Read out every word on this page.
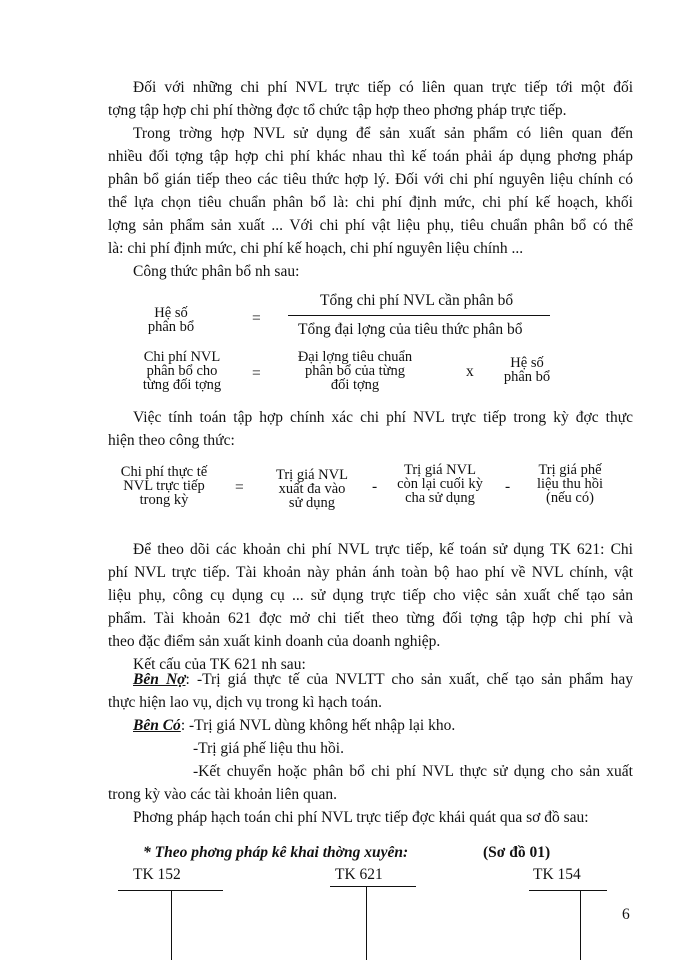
Đối với những chi phí NVL trực tiếp có liên quan trực tiếp tới một đối
tợng tập hợp chi phí thờng đợc tổ chức tập hợp theo phơng pháp trực tiếp.
Trong trờng hợp NVL sử dụng để sản xuất sản phẩm có liên quan đến
nhiều đối tợng tập hợp chi phí khác nhau thì kế toán phải áp dụng phơng pháp
phân bổ gián tiếp theo các tiêu thức hợp lý. Đối với chi phí nguyên liệu chính có
thể lựa chọn tiêu chuẩn phân bổ là: chi phí định mức, chi phí kế hoạch, khối
lợng sản phẩm sản xuất ... Với chi phí vật liệu phụ, tiêu chuẩn phân bổ có thể
là: chi phí định mức, chi phí kế hoạch, chi phí nguyên liệu chính ...
Công thức phân bổ nh sau:
Hệ số
phân bổ	=
Tổng chi phí NVL cần phân bổ
Tổng đại lợng của tiêu thức phân bổ
Chi phí NVL
phân bổ cho
từng đối tợng
=
Đại lợng tiêu chuẩn
phân bổ của từng
đối tợng
x	Hệ số
phân bổ
Việc tính toán tập hợp chính xác chi phí NVL trực tiếp trong kỳ đợc thực
hiện theo công thức:
Chi phí thực tế
NVL trực tiếp
trong kỳ
=
Trị giá NVL
xuất đa vào
sử dụng
-
Trị giá NVL
còn lại cuối kỳ
cha sử dụng
-
Trị giá phế
liệu thu hồi
(nếu có)
Để theo dõi các khoản chi phí NVL trực tiếp, kế toán sử dụng TK 621: Chi
phí NVL trực tiếp. Tài khoản này phản ánh toàn bộ hao phí về NVL chính, vật
liệu phụ, công cụ dụng cụ ... sử dụng trực tiếp cho việc sản xuất chế tạo sản
phẩm. Tài khoản 621 đợc mở chi tiết theo từng đối tợng tập hợp chi phí và
theo đặc điểm sản xuất kinh doanh của doanh nghiệp.
Kết cấu của TK 621 nh sau:
Bên Nợ: -Trị giá thực tế của NVLTT cho sản xuất, chế tạo sản phẩm hay
thực hiện lao vụ, dịch vụ trong kì hạch toán.
Bên Có: -Trị giá NVL dùng không hết nhập lại kho.
-Trị giá phế liệu thu hồi.
-Kết chuyển hoặc phân bổ chi phí NVL thực sử dụng cho sản xuất
trong kỳ vào các tài khoản liên quan.
Phơng pháp hạch toán chi phí NVL trực tiếp đợc khái quát qua sơ đồ sau:
* Theo phơng pháp kê khai thờng xuyên:	(Sơ đồ 01)
TK 152	TK 621	TK 154
6
